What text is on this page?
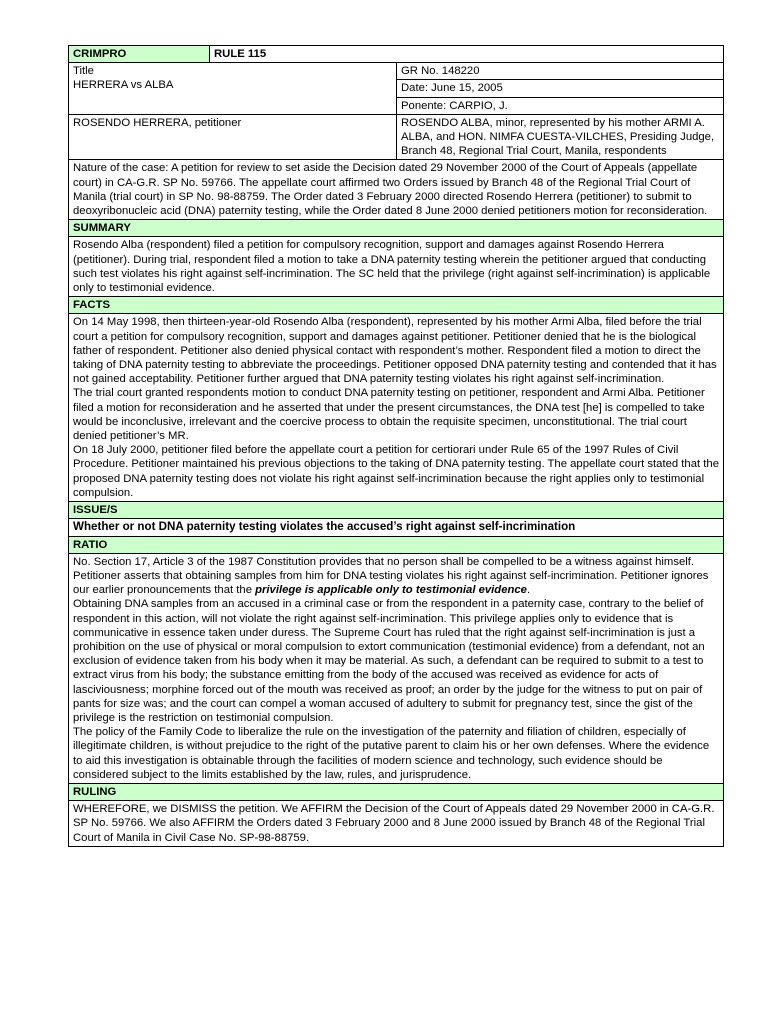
CRIMPRO	RULE 115	

Title
HERRERA vs ALBA		GR No. 148220
		Date: June 15, 2005
		Ponente: CARPIO, J.
ROSENDO HERRERA, petitioner		ROSENDO ALBA, minor, represented by his mother ARMI A. ALBA, and HON. NIMFA CUESTA-VILCHES, Presiding Judge, Branch 48, Regional Trial Court, Manila, respondents
Nature of the case: A petition for review to set aside the Decision dated 29 November 2000 of the Court of Appeals (appellate court) in CA-G.R. SP No. 59766. The appellate court affirmed two Orders issued by Branch 48 of the Regional Trial Court of Manila (trial court) in SP No. 98-88759. The Order dated 3 February 2000 directed Rosendo Herrera (petitioner) to submit to deoxyribonucleic acid (DNA) paternity testing, while the Order dated 8 June 2000 denied petitioners motion for reconsideration.		
SUMMARY		
Rosendo Alba (respondent) filed a petition for compulsory recognition, support and damages against Rosendo Herrera (petitioner). During trial, respondent filed a motion to take a DNA paternity testing wherein the petitioner argued that conducting such test violates his right against self-incrimination. The SC held that the privilege (right against self-incrimination) is applicable only to testimonial evidence.		
FACTS		

On 14 May 1998, then thirteen-year-old Rosendo Alba (respondent), represented by his mother Armi Alba, filed before the trial court a petition for compulsory recognition, support and damages against petitioner. Petitioner denied that he is the biological father of respondent. Petitioner also denied physical contact with respondent’s mother. Respondent filed a motion to direct the taking of DNA paternity testing to abbreviate the proceedings. Petitioner opposed DNA paternity testing and contended that it has not gained acceptability. Petitioner further argued that DNA paternity testing violates his right against self-incrimination.
The trial court granted respondents motion to conduct DNA paternity testing on petitioner, respondent and Armi Alba. Petitioner filed a motion for reconsideration and he asserted that under the present circumstances, the DNA test [he] is compelled to take would be inconclusive, irrelevant and the coercive process to obtain the requisite specimen, unconstitutional. The trial court denied petitioner’s MR.
On 18 July 2000, petitioner filed before the appellate court a petition for certiorari under Rule 65 of the 1997 Rules of Civil Procedure. Petitioner maintained his previous objections to the taking of DNA paternity testing. The appellate court stated that the proposed DNA paternity testing does not violate his right against self-incrimination because the right applies only to testimonial compulsion.		

ISSUE/S		
Whether or not DNA paternity testing violates the accused’s right against self-incrimination		
RATIO		

No. Section 17, Article 3 of the 1987 Constitution provides that no person shall be compelled to be a witness against himself. Petitioner asserts that obtaining samples from him for DNA testing violates his right against self-incrimination. Petitioner ignores our earlier pronouncements that the privilege is applicable only to testimonial evidence.
Obtaining DNA samples from an accused in a criminal case or from the respondent in a paternity case, contrary to the belief of respondent in this action, will not violate the right against self-incrimination. This privilege applies only to evidence that is communicative in essence taken under duress. The Supreme Court has ruled that the right against self-incrimination is just a prohibition on the use of physical or moral compulsion to extort communication (testimonial evidence) from a defendant, not an exclusion of evidence taken from his body when it may be material. As such, a defendant can be required to submit to a test to extract virus from his body; the substance emitting from the body of the accused was received as evidence for acts of lasciviousness; morphine forced out of the mouth was received as proof; an order by the judge for the witness to put on pair of pants for size was; and the court can compel a woman accused of adultery to submit for pregnancy test, since the gist of the privilege is the restriction on testimonial compulsion.
The policy of the Family Code to liberalize the rule on the investigation of the paternity and filiation of children, especially of illegitimate children, is without prejudice to the right of the putative parent to claim his or her own defenses. Where the evidence to aid this investigation is obtainable through the facilities of modern science and technology, such evidence should be considered subject to the limits established by the law, rules, and jurisprudence.		

RULING		
WHEREFORE, we DISMISS the petition. We AFFIRM the Decision of the Court of Appeals dated 29 November 2000 in CA-G.R. SP No. 59766. We also AFFIRM the Orders dated 3 February 2000 and 8 June 2000 issued by Branch 48 of the Regional Trial Court of Manila in Civil Case No. SP-98-88759.		
